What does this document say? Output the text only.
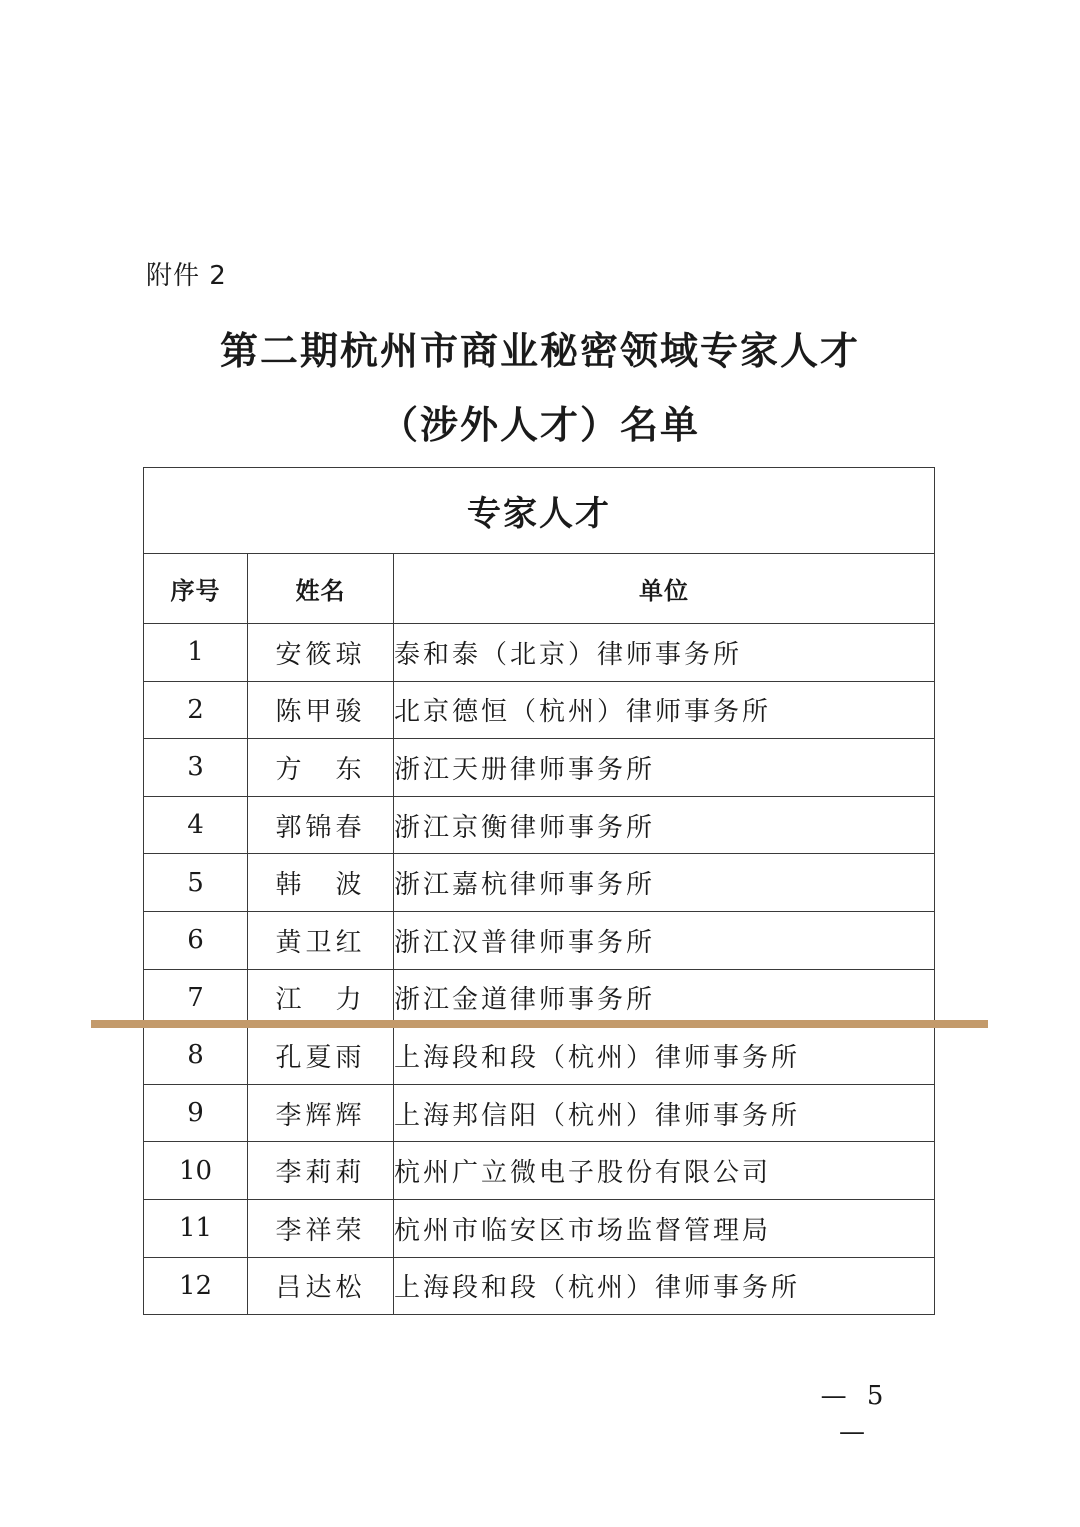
附件 2
第二期杭州市商业秘密领域专家人才
（涉外人才）名单
专家人才		
序号	姓名	单位
1	安筱琼	泰和泰（北京）律师事务所
2	陈甲骏	北京德恒（杭州）律师事务所
3	方　东	浙江天册律师事务所
4	郭锦春	浙江京衡律师事务所
5	韩　波	浙江嘉杭律师事务所
6	黄卫红	浙江汉普律师事务所
7	江　力	浙江金道律师事务所
8	孔夏雨	上海段和段（杭州）律师事务所
9	李辉辉	上海邦信阳（杭州）律师事务所
10	李莉莉	杭州广立微电子股份有限公司
11	李祥荣	杭州市临安区市场监督管理局
12	吕达松	上海段和段（杭州）律师事务所
— 5 —
